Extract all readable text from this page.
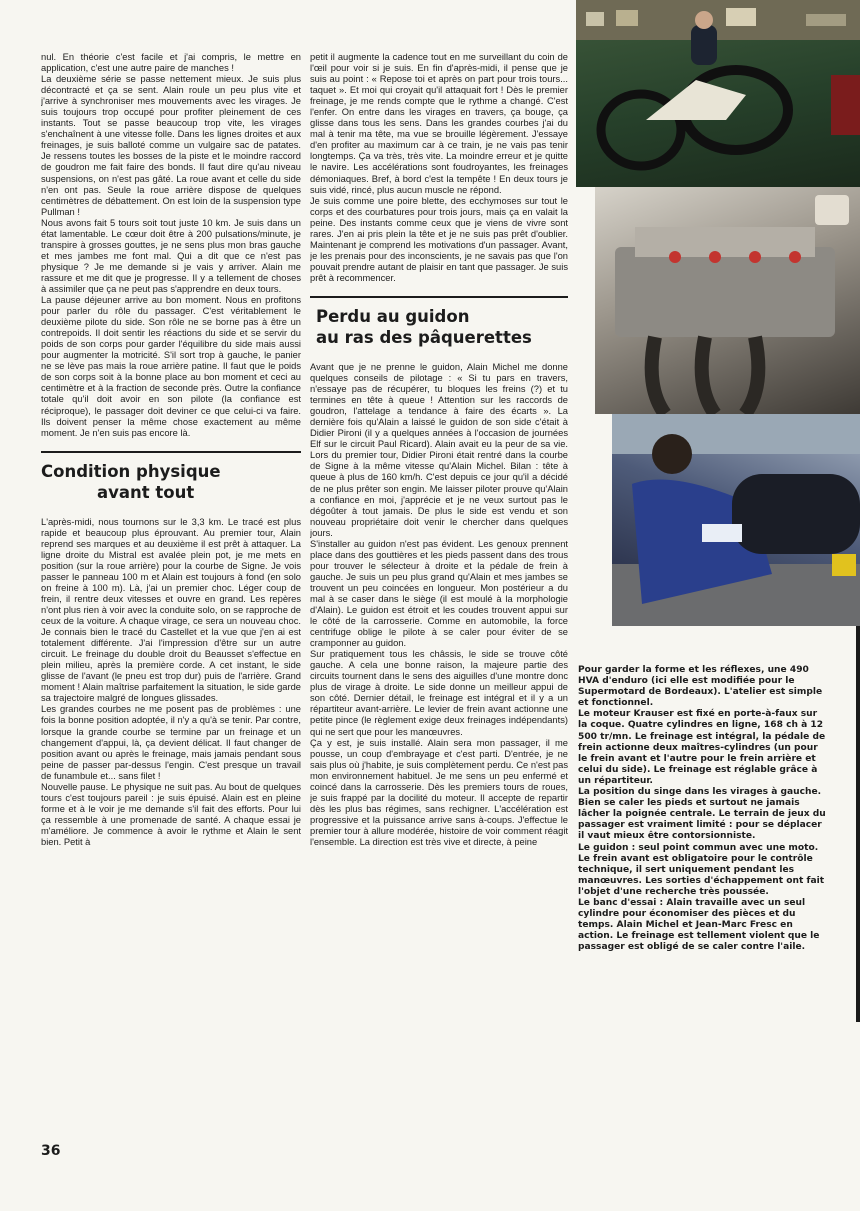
nul. En théorie c'est facile et j'ai compris, le mettre en application, c'est une autre paire de manches !

La deuxième série se passe nettement mieux. Je suis plus décontracté et ça se sent. Alain roule un peu plus vite et j'arrive à synchroniser mes mouvements avec les virages. Je suis toujours trop occupé pour profiter pleinement de ces instants. Tout se passe beaucoup trop vite, les virages s'enchaînent à une vitesse folle. Dans les lignes droites et aux freinages, je suis balloté comme un vulgaire sac de patates. Je ressens toutes les bosses de la piste et le moindre raccord de goudron me fait faire des bonds. Il faut dire qu'au niveau suspensions, on n'est pas gâté. La roue avant et celle du side n'en ont pas. Seule la roue arrière dispose de quelques centimètres de débattement. On est loin de la suspension type Pullman !

Nous avons fait 5 tours soit tout juste 10 km. Je suis dans un état lamentable. Le cœur doit être à 200 pulsations/minute, je transpire à grosses gouttes, je ne sens plus mon bras gauche et mes jambes me font mal. Qui a dit que ce n'est pas physique ? Je me demande si je vais y arriver. Alain me rassure et me dit que je progresse. Il y a tellement de choses à assimiler que ça ne peut pas s'apprendre en deux tours.

La pause déjeuner arrive au bon moment. Nous en profitons pour parler du rôle du passager. C'est véritablement le deuxième pilote du side. Son rôle ne se borne pas à être un contrepoids. Il doit sentir les réactions du side et se servir du poids de son corps pour garder l'équilibre du side mais aussi pour augmenter la motricité. S'il sort trop à gauche, le panier ne se lève pas mais la roue arrière patine. Il faut que le poids de son corps soit à la bonne place au bon moment et ceci au centimètre et à la fraction de seconde près. Outre la confiance totale qu'il doit avoir en son pilote (la confiance est réciproque), le passager doit deviner ce que celui-ci va faire. Ils doivent penser la même chose exactement au même moment. Je n'en suis pas encore là.

Condition physique
avant tout

L'après-midi, nous tournons sur le 3,3 km. Le tracé est plus rapide et beaucoup plus éprouvant. Au premier tour, Alain reprend ses marques et au deuxième il est prêt à attaquer. La ligne droite du Mistral est avalée plein pot, je me mets en position (sur la roue arrière) pour la courbe de Signe. Je vois passer le panneau 100 m et Alain est toujours à fond (en solo on freine à 100 m). Là, j'ai un premier choc. Léger coup de frein, il rentre deux vitesses et ouvre en grand. Les repères n'ont plus rien à voir avec la conduite solo, on se rapproche de ceux de la voiture. A chaque virage, ce sera un nouveau choc. Je connais bien le tracé du Castellet et la vue que j'en ai est totalement différente. J'ai l'impression d'être sur un autre circuit. Le freinage du double droit du Beausset s'effectue en plein milieu, après la première corde. A cet instant, le side glisse de l'avant (le pneu est trop dur) puis de l'arrière. Grand moment ! Alain maîtrise parfaitement la situation, le side garde sa trajectoire malgré de longues glissades.

Les grandes courbes ne me posent pas de problèmes : une fois la bonne position adoptée, il n'y a qu'à se tenir. Par contre, lorsque la grande courbe se termine par un freinage et un changement d'appui, là, ça devient délicat. Il faut changer de position avant ou après le freinage, mais jamais pendant sous peine de passer par-dessus l'engin. C'est presque un travail de funambule et... sans filet !

Nouvelle pause. Le physique ne suit pas. Au bout de quelques tours c'est toujours pareil : je suis épuisé. Alain est en pleine forme et à le voir je me demande s'il fait des efforts. Pour lui ça ressemble à une promenade de santé. A chaque essai je m'améliore. Je commence à avoir le rythme et Alain le sent bien. Petit à

petit il augmente la cadence tout en me surveillant du coin de l'œil pour voir si je suis. En fin d'après-midi, il pense que je suis au point : « Repose toi et après on part pour trois tours... taquet ». Et moi qui croyait qu'il attaquait fort ! Dès le premier freinage, je me rends compte que le rythme a changé. C'est l'enfer. On entre dans les virages en travers, ça bouge, ça glisse dans tous les sens. Dans les grandes courbes j'ai du mal à tenir ma tête, ma vue se brouille légèrement. J'essaye d'en profiter au maximum car à ce train, je ne vais pas tenir longtemps. Ça va très, très vite. La moindre erreur et je quitte le navire. Les accélérations sont foudroyantes, les freinages démoniaques. Bref, à bord c'est la tempête ! En deux tours je suis vidé, rincé, plus aucun muscle ne répond.

Je suis comme une poire blette, des ecchymoses sur tout le corps et des courbatures pour trois jours, mais ça en valait la peine. Des instants comme ceux que je viens de vivre sont rares. J'en ai pris plein la tête et je ne suis pas prêt d'oublier. Maintenant je comprend les motivations d'un passager. Avant, je les prenais pour des inconscients, je ne savais pas que l'on pouvait prendre autant de plaisir en tant que passager. Je suis prêt à recommencer.

Perdu au guidon
au ras des pâquerettes

Avant que je ne prenne le guidon, Alain Michel me donne quelques conseils de pilotage : « Si tu pars en travers, n'essaye pas de récupérer, tu bloques les freins (?) et tu termines en tête à queue ! Attention sur les raccords de goudron, l'attelage a tendance à faire des écarts ». La dernière fois qu'Alain a laissé le guidon de son side c'était à Didier Pironi (il y a quelques années à l'occasion de journées Elf sur le circuit Paul Ricard). Alain avait eu la peur de sa vie. Lors du premier tour, Didier Pironi était rentré dans la courbe de Signe à la même vitesse qu'Alain Michel. Bilan : tête à queue à plus de 160 km/h. C'est depuis ce jour qu'il a décidé de ne plus prêter son engin. Me laisser piloter prouve qu'Alain a confiance en moi, j'apprécie et je ne veux surtout pas le dégoûter à tout jamais. De plus le side est vendu et son nouveau propriétaire doit venir le chercher dans quelques jours.

S'installer au guidon n'est pas évident. Les genoux prennent place dans des gouttières et les pieds passent dans des trous pour trouver le sélecteur à droite et la pédale de frein à gauche. Je suis un peu plus grand qu'Alain et mes jambes se trouvent un peu coincées en longueur. Mon postérieur a du mal à se caser dans le siège (il est moulé à la morphologie d'Alain). Le guidon est étroit et les coudes trouvent appui sur le côté de la carrosserie. Comme en automobile, la force centrifuge oblige le pilote à se caler pour éviter de se cramponner au guidon.

Sur pratiquement tous les châssis, le side se trouve côté gauche. A cela une bonne raison, la majeure partie des circuits tournent dans le sens des aiguilles d'une montre donc plus de virage à droite. Le side donne un meilleur appui de son côté. Dernier détail, le freinage est intégral et il y a un répartiteur avant-arrière. Le levier de frein avant actionne une petite pince (le règlement exige deux freinages indépendants) qui ne sert que pour les manœuvres.

Ça y est, je suis installé. Alain sera mon passager, il me pousse, un coup d'embrayage et c'est parti. D'entrée, je ne sais plus où j'habite, je suis complètement perdu. Ce n'est pas mon environnement habituel. Je me sens un peu enfermé et coincé dans la carrosserie. Dès les premiers tours de roues, je suis frappé par la docilité du moteur. Il accepte de repartir dès les plus bas régimes, sans rechigner. L'accélération est progressive et la puissance arrive sans à-coups. J'effectue le premier tour à allure modérée, histoire de voir comment réagit l'ensemble. La direction est très vive et directe, à peine

36

Pour garder la forme et les réflexes, une 490 HVA d'enduro (ici elle est modifiée pour le Supermotard de Bordeaux). L'atelier est simple et fonctionnel.

Le moteur Krauser est fixé en porte-à-faux sur la coque. Quatre cylindres en ligne, 168 ch à 12 500 tr/mn. Le freinage est intégral, la pédale de frein actionne deux maîtres-cylindres (un pour le frein avant et l'autre pour le frein arrière et celui du side). Le freinage est réglable grâce à un répartiteur.

La position du singe dans les virages à gauche. Bien se caler les pieds et surtout ne jamais lâcher la poignée centrale. Le terrain de jeux du passager est vraiment limité : pour se déplacer il vaut mieux être contorsionniste.

Le guidon : seul point commun avec une moto. Le frein avant est obligatoire pour le contrôle technique, il sert uniquement pendant les manœuvres. Les sorties d'échappement ont fait l'objet d'une recherche très poussée.

Le banc d'essai : Alain travaille avec un seul cylindre pour économiser des pièces et du temps. Alain Michel et Jean-Marc Fresc en action. Le freinage est tellement violent que le passager est obligé de se caler contre l'aile.
